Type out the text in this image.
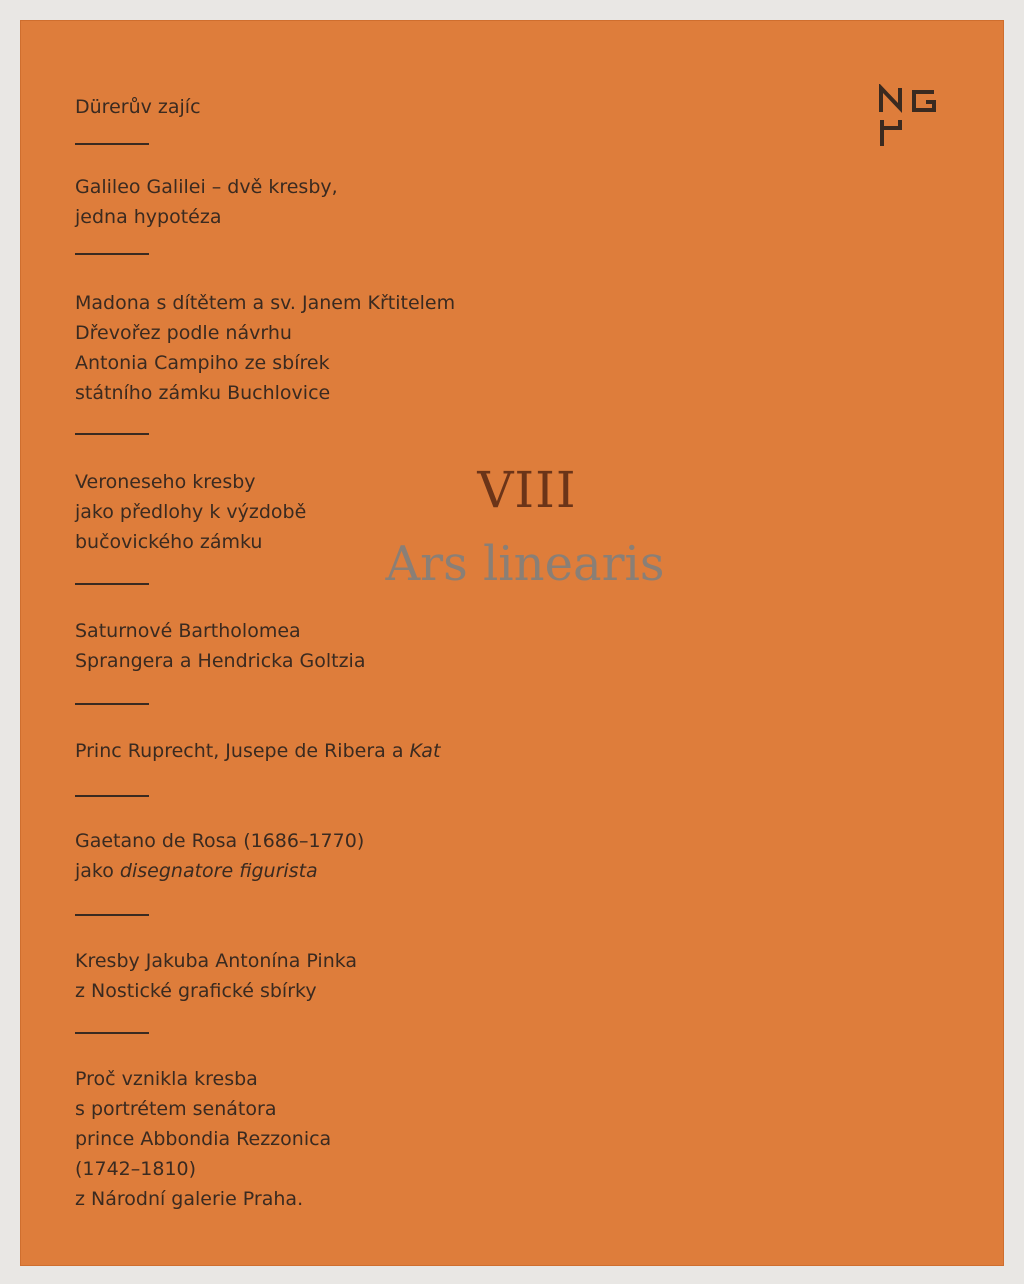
Dürerův zajíc
Galileo Galilei – dvě kresby,
jedna hypotéza
Madona s dítětem a sv. Janem Křtitelem
Dřevořez podle návrhu
Antonia Campiho ze sbírek
státního zámku Buchlovice
Veroneseho kresby
jako předlohy k výzdobě
bučovického zámku
Saturnové Bartholomea
Sprangera a Hendricka Goltzia
Princ Ruprecht, Jusepe de Ribera a Kat
Gaetano de Rosa (1686–1770)
jako disegnatore figurista
Kresby Jakuba Antonína Pinka
z Nostické grafické sbírky
Proč vznikla kresba
s portrétem senátora
prince Abbondia Rezzonica
(1742–1810)
z Národní galerie Praha.
VIII
Ars linearis
